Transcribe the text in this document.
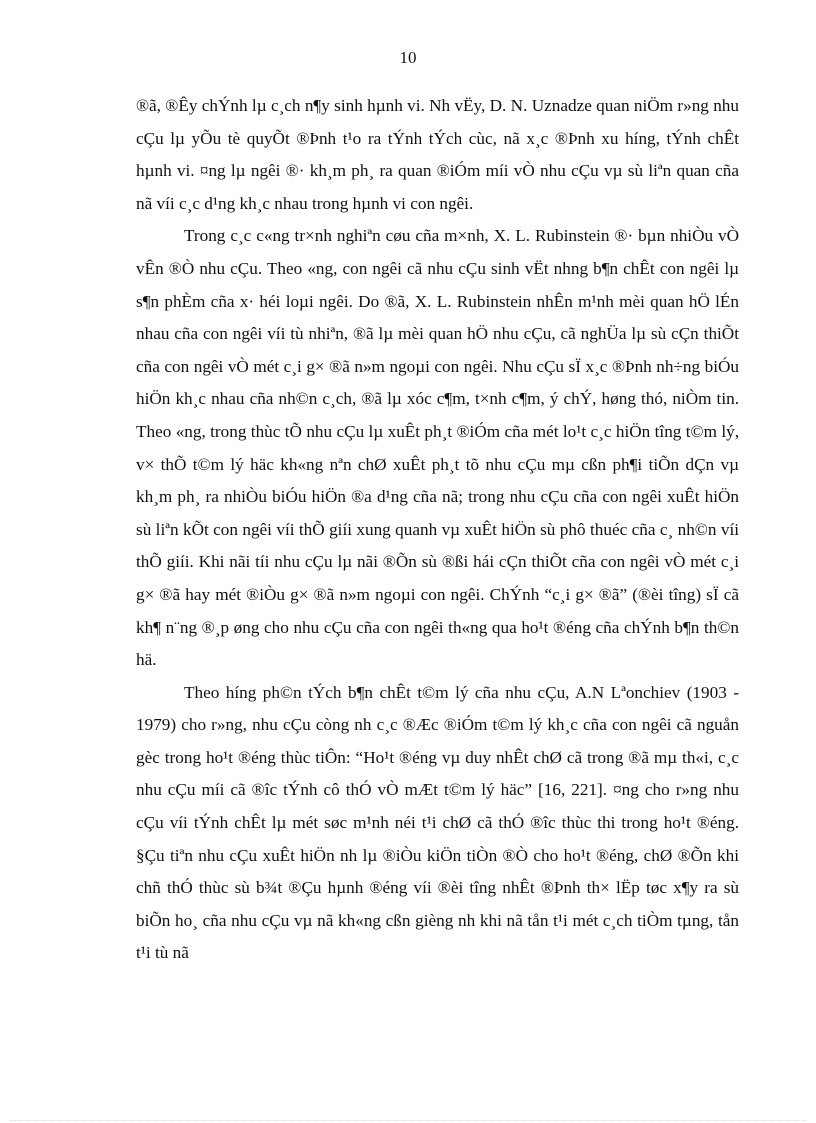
10

®ã, ®Êy chÝnh lµ c¸ch n¶y sinh hµnh vi. Nh vËy, D. N. Uznadze quan niÖm r»ng nhu cÇu lµ yÕu tè quyÕt ®Þnh t¹o ra tÝnh tÝch cùc, nã x¸c ®Þnh xu híng, tÝnh chÊt hµnh vi. ¤ng lµ ngêi ®· kh¸m ph¸ ra quan ®iÓm míi vÒ nhu cÇu vµ sù liªn quan cña nã víi c¸c d¹ng kh¸c nhau trong hµnh vi con ngêi.

Trong c¸c c«ng tr×nh nghiªn cøu cña m×nh, X. L. Rubinstein ®· bµn nhiÒu vÒ vÊn ®Ò nhu cÇu. Theo «ng, con ngêi cã nhu cÇu sinh vËt nhng b¶n chÊt con ngêi lµ s¶n phÈm cña x· héi loµi ngêi. Do ®ã, X. L. Rubinstein nhÊn m¹nh mèi quan hÖ lÉn nhau cña con ngêi víi tù nhiªn, ®ã lµ mèi quan hÖ nhu cÇu, cã nghÜa lµ sù cÇn thiÕt cña con ngêi vÒ mét c¸i g× ®ã n»m ngoµi con ngêi. Nhu cÇu sÏ x¸c ®Þnh nh÷ng biÓu hiÖn kh¸c nhau cña nh©n c¸ch, ®ã lµ xóc c¶m, t×nh c¶m, ý chÝ, høng thó, niÒm tin. Theo «ng, trong thùc tÕ nhu cÇu lµ xuÊt ph¸t ®iÓm cña mét lo¹t c¸c hiÖn tîng t©m lý, v× thÕ t©m lý häc kh«ng nªn chØ xuÊt ph¸t tõ nhu cÇu mµ cßn ph¶i tiÕn dÇn vµ kh¸m ph¸ ra nhiÒu biÓu hiÖn ®a d¹ng cña nã; trong nhu cÇu cña con ngêi xuÊt hiÖn sù liªn kÕt con ngêi víi thÕ giíi xung quanh vµ xuÊt hiÖn sù phô thuéc cña c¸ nh©n víi thÕ giíi. Khi nãi tíi nhu cÇu lµ nãi ®Õn sù ®ßi hái cÇn thiÕt cña con ngêi vÒ mét c¸i g× ®ã hay mét ®iÒu g× ®ã n»m ngoµi con ngêi. ChÝnh “c¸i g× ®ã” (®èi tîng) sÏ cã kh¶ n¨ng ®¸p øng cho nhu cÇu cña con ngêi th«ng qua ho¹t ®éng cña chÝnh b¶n th©n hä.

Theo híng ph©n tÝch b¶n chÊt t©m lý cña nhu cÇu, A.N Lªonchiev (1903 - 1979) cho r»ng, nhu cÇu còng nh c¸c ®Æc ®iÓm t©m lý kh¸c cña con ngêi cã nguån gèc trong ho¹t ®éng thùc tiÔn: “Ho¹t ®éng vµ duy nhÊt chØ cã trong ®ã mµ th«i, c¸c nhu cÇu míi cã ®îc tÝnh cô thÓ vÒ mÆt t©m lý häc” [16, 221]. ¤ng cho r»ng nhu cÇu víi tÝnh chÊt lµ mét søc m¹nh néi t¹i chØ cã thÓ ®îc thùc thi trong ho¹t ®éng. §Çu tiªn nhu cÇu xuÊt hiÖn nh lµ ®iÒu kiÖn tiÒn ®Ò cho ho¹t ®éng, chØ ®Õn khi chñ thÓ thùc sù b¾t ®Çu hµnh ®éng víi ®èi tîng nhÊt ®Þnh th× lËp tøc x¶y ra sù biÕn ho¸ cña nhu cÇu vµ nã kh«ng cßn gièng nh khi nã tån t¹i mét c¸ch tiÒm tµng, tån t¹i tù nã
